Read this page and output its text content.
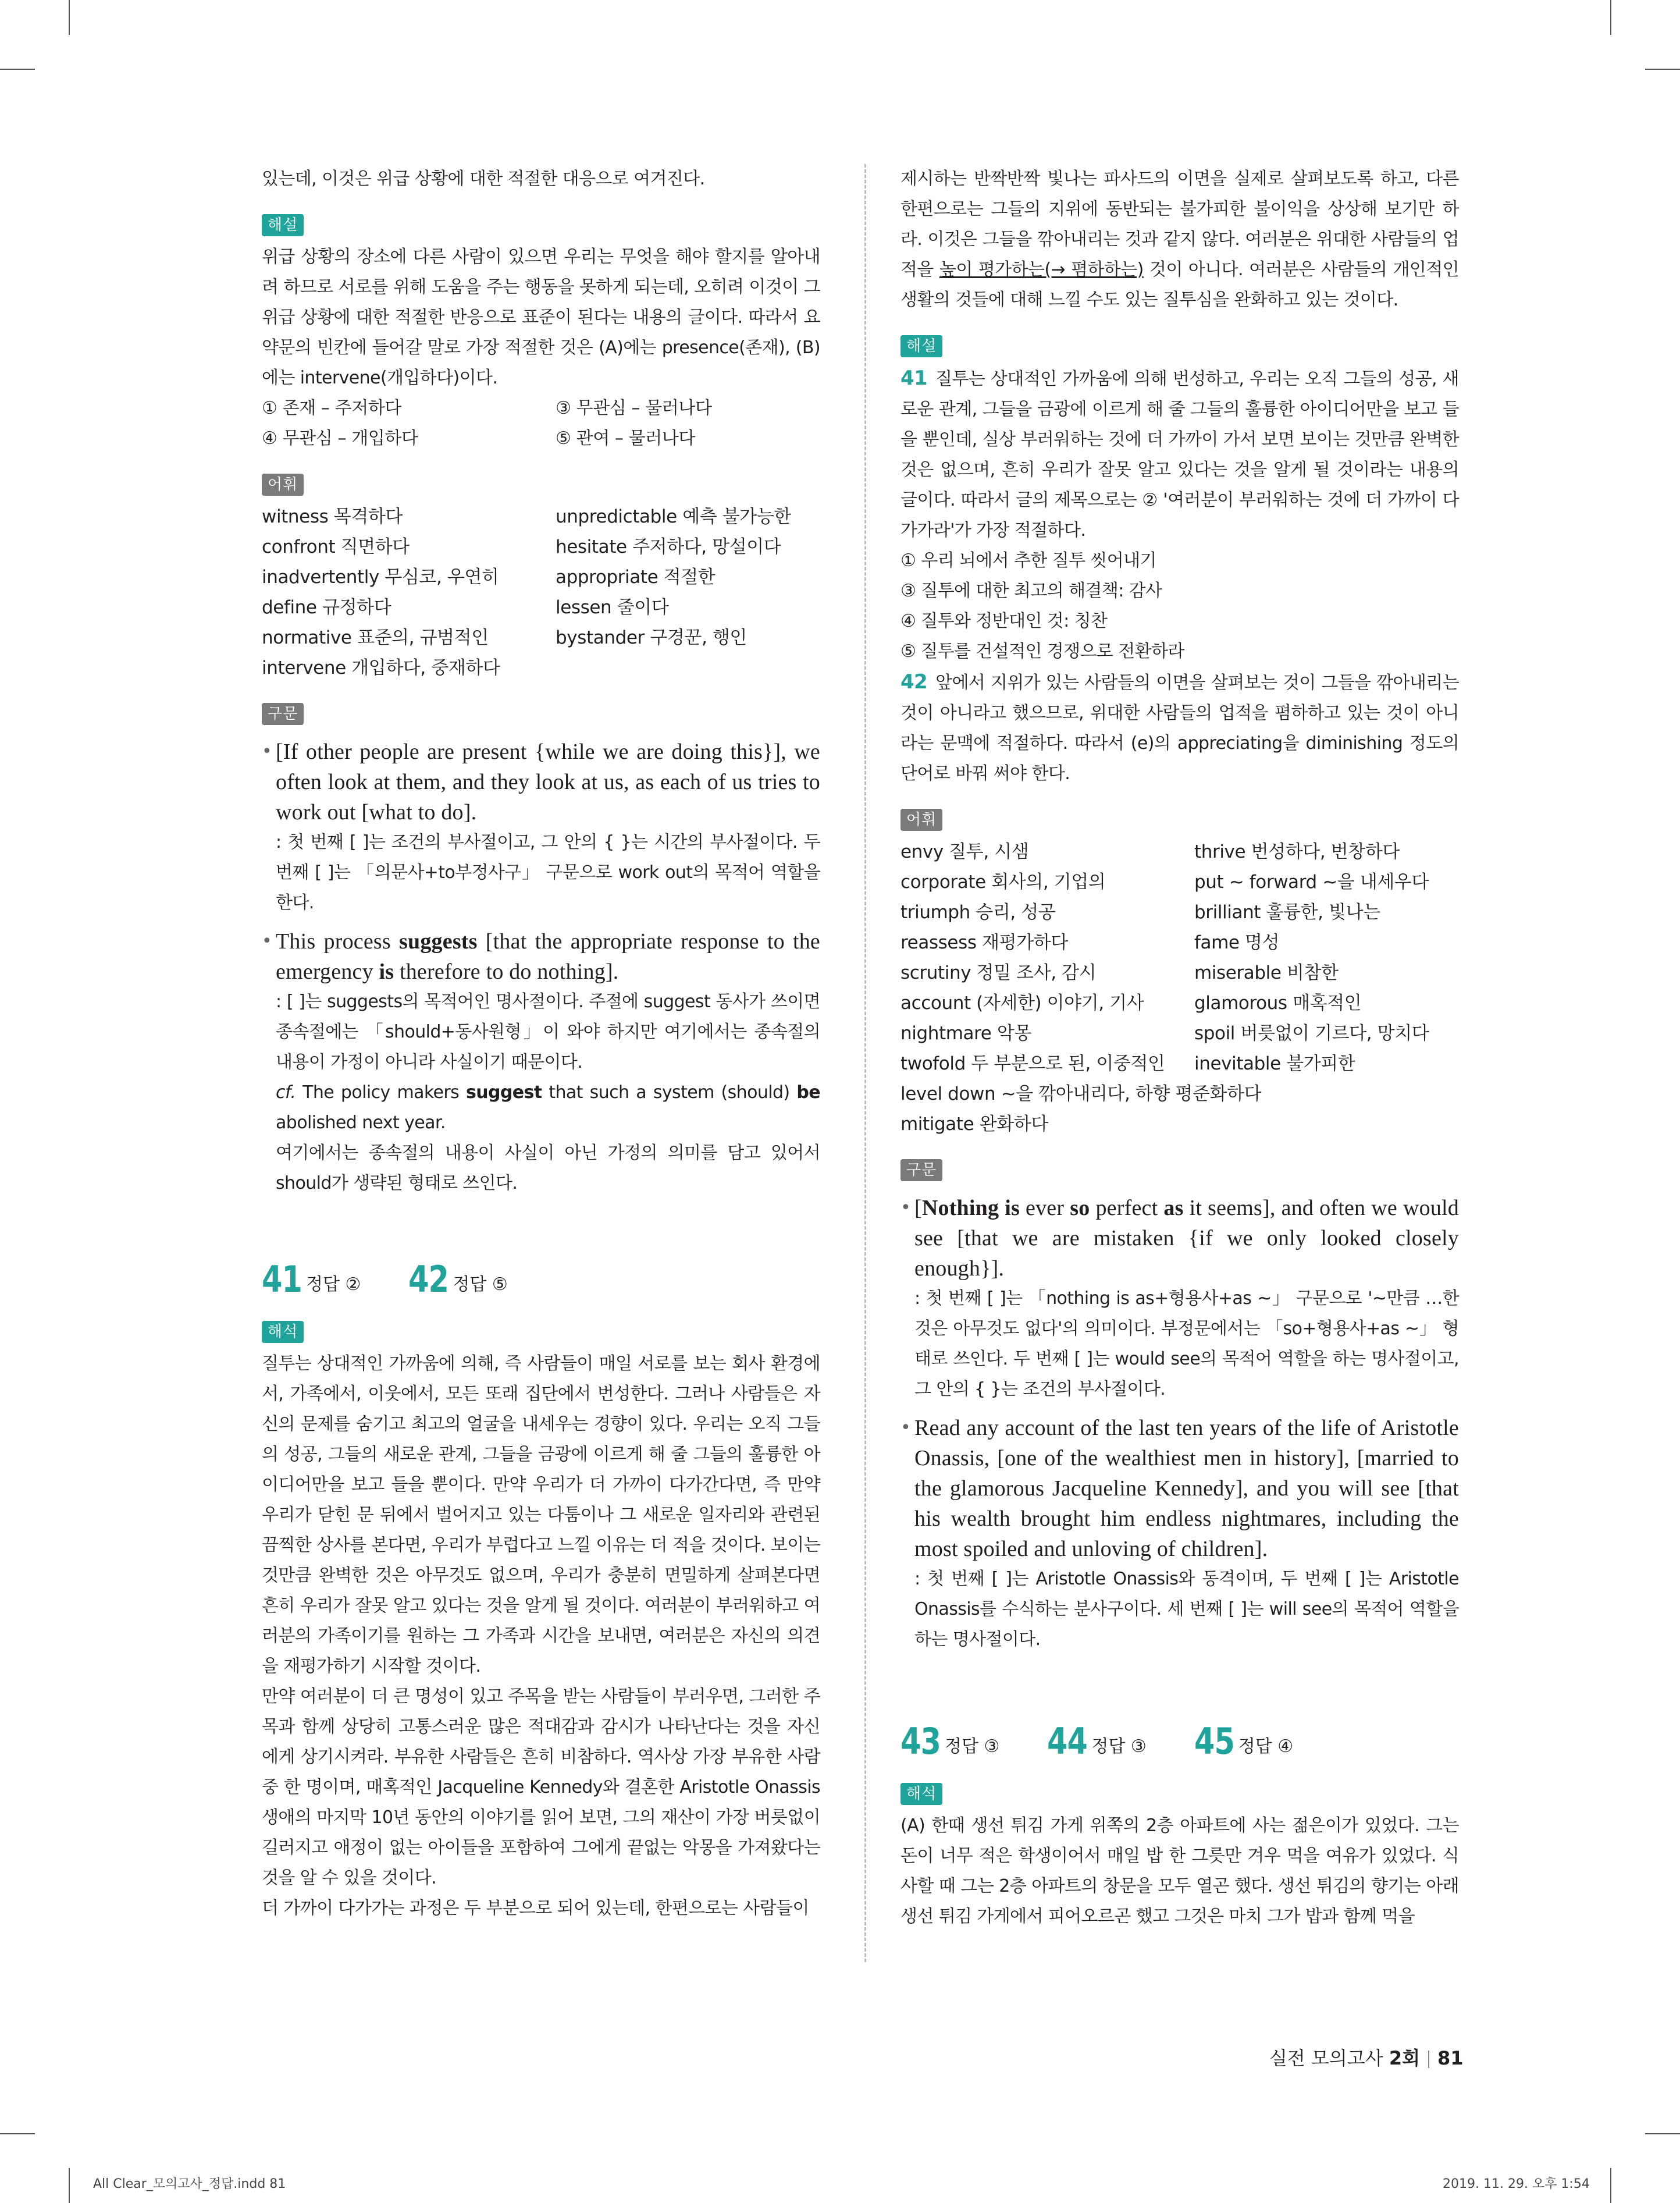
있는데, 이것은 위급 상황에 대한 적절한 대응으로 여겨진다.

해설

위급 상황의 장소에 다른 사람이 있으면 우리는 무엇을 해야 할지를 알아내려 하므로 서로를 위해 도움을 주는 행동을 못하게 되는데, 오히려 이것이 그 위급 상황에 대한 적절한 반응으로 표준이 된다는 내용의 글이다. 따라서 요약문의 빈칸에 들어갈 말로 가장 적절한 것은 (A)에는 presence(존재), (B)에는 intervene(개입하다)이다.

① 존재 – 주저하다	③ 무관심 – 물러나다
④ 무관심 – 개입하다	⑤ 관여 – 물러나다
어휘
witness 목격하다	unpredictable 예측 불가능한
confront 직면하다	hesitate 주저하다, 망설이다
inadvertently 무심코, 우연히	appropriate 적절한
define 규정하다	lessen 줄이다
normative 표준의, 규범적인	bystander 구경꾼, 행인
intervene 개입하다, 중재하다
구문
• [If other people are present {while we are doing this}], we often look at them, and they look at us, as each of us tries to work out [what to do].

: 첫 번째 [ ]는 조건의 부사절이고, 그 안의 { }는 시간의 부사절이다. 두 번째 [ ]는 「의문사+to부정사구」 구문으로 work out의 목적어 역할을 한다.

• This process suggests [that the appropriate response to the emergency is therefore to do nothing].

: [ ]는 suggests의 목적어인 명사절이다. 주절에 suggest 동사가 쓰이면 종속절에는 「should+동사원형」이 와야 하지만 여기에서는 종속절의 내용이 가정이 아니라 사실이기 때문이다.

cf. The policy makers suggest that such a system (should) be abolished next year.

여기에서는 종속절의 내용이 사실이 아닌 가정의 의미를 담고 있어서 should가 생략된 형태로 쓰인다.

41 정답 ② 42 정답 ⑤
해석

질투는 상대적인 가까움에 의해, 즉 사람들이 매일 서로를 보는 회사 환경에서, 가족에서, 이웃에서, 모든 또래 집단에서 번성한다. 그러나 사람들은 자신의 문제를 숨기고 최고의 얼굴을 내세우는 경향이 있다. 우리는 오직 그들의 성공, 그들의 새로운 관계, 그들을 금광에 이르게 해 줄 그들의 훌륭한 아이디어만을 보고 들을 뿐이다. 만약 우리가 더 가까이 다가간다면, 즉 만약 우리가 닫힌 문 뒤에서 벌어지고 있는 다툼이나 그 새로운 일자리와 관련된 끔찍한 상사를 본다면, 우리가 부럽다고 느낄 이유는 더 적을 것이다. 보이는 것만큼 완벽한 것은 아무것도 없으며, 우리가 충분히 면밀하게 살펴본다면 흔히 우리가 잘못 알고 있다는 것을 알게 될 것이다. 여러분이 부러워하고 여러분의 가족이기를 원하는 그 가족과 시간을 보내면, 여러분은 자신의 의견을 재평가하기 시작할 것이다.

만약 여러분이 더 큰 명성이 있고 주목을 받는 사람들이 부러우면, 그러한 주목과 함께 상당히 고통스러운 많은 적대감과 감시가 나타난다는 것을 자신에게 상기시켜라. 부유한 사람들은 흔히 비참하다. 역사상 가장 부유한 사람 중 한 명이며, 매혹적인 Jacqueline Kennedy와 결혼한 Aristotle Onassis 생애의 마지막 10년 동안의 이야기를 읽어 보면, 그의 재산이 가장 버릇없이 길러지고 애정이 없는 아이들을 포함하여 그에게 끝없는 악몽을 가져왔다는 것을 알 수 있을 것이다.

더 가까이 다가가는 과정은 두 부분으로 되어 있는데, 한편으로는 사람들이

제시하는 반짝반짝 빛나는 파사드의 이면을 실제로 살펴보도록 하고, 다른 한편으로는 그들의 지위에 동반되는 불가피한 불이익을 상상해 보기만 하라. 이것은 그들을 깎아내리는 것과 같지 않다. 여러분은 위대한 사람들의 업적을 높이 평가하는(→ 폄하하는) 것이 아니다. 여러분은 사람들의 개인적인 생활의 것들에 대해 느낄 수도 있는 질투심을 완화하고 있는 것이다.

해설

41 질투는 상대적인 가까움에 의해 번성하고, 우리는 오직 그들의 성공, 새로운 관계, 그들을 금광에 이르게 해 줄 그들의 훌륭한 아이디어만을 보고 들을 뿐인데, 실상 부러워하는 것에 더 가까이 가서 보면 보이는 것만큼 완벽한 것은 없으며, 흔히 우리가 잘못 알고 있다는 것을 알게 될 것이라는 내용의 글이다. 따라서 글의 제목으로는 ② '여러분이 부러워하는 것에 더 가까이 다가가라'가 가장 적절하다.

① 우리 뇌에서 추한 질투 씻어내기

③ 질투에 대한 최고의 해결책: 감사

④ 질투와 정반대인 것: 칭찬

⑤ 질투를 건설적인 경쟁으로 전환하라

42 앞에서 지위가 있는 사람들의 이면을 살펴보는 것이 그들을 깎아내리는 것이 아니라고 했으므로, 위대한 사람들의 업적을 폄하하고 있는 것이 아니라는 문맥에 적절하다. 따라서 (e)의 appreciating을 diminishing 정도의 단어로 바꿔 써야 한다.

어휘
envy 질투, 시샘	thrive 번성하다, 번창하다
corporate 회사의, 기업의	put ~ forward ~을 내세우다
triumph 승리, 성공	brilliant 훌륭한, 빛나는
reassess 재평가하다	fame 명성
scrutiny 정밀 조사, 감시	miserable 비참한
account (자세한) 이야기, 기사	glamorous 매혹적인
nightmare 악몽	spoil 버릇없이 기르다, 망치다
twofold 두 부분으로 된, 이중적인	inevitable 불가피한
level down ~을 깎아내리다, 하향 평준화하다
mitigate 완화하다
구문
• [Nothing is ever so perfect as it seems], and often we would see [that we are mistaken {if we only looked closely enough}].

: 첫 번째 [ ]는 「nothing is as+형용사+as ~」 구문으로 '~만큼 …한 것은 아무것도 없다'의 의미이다. 부정문에서는 「so+형용사+as ~」 형태로 쓰인다. 두 번째 [ ]는 would see의 목적어 역할을 하는 명사절이고, 그 안의 { }는 조건의 부사절이다.

• Read any account of the last ten years of the life of Aristotle Onassis, [one of the wealthiest men in history], [married to the glamorous Jacqueline Kennedy], and you will see [that his wealth brought him endless nightmares, including the most spoiled and unloving of children].

: 첫 번째 [ ]는 Aristotle Onassis와 동격이며, 두 번째 [ ]는 Aristotle Onassis를 수식하는 분사구이다. 세 번째 [ ]는 will see의 목적어 역할을 하는 명사절이다.

43 정답 ③ 44 정답 ③ 45 정답 ④
해석

(A) 한때 생선 튀김 가게 위쪽의 2층 아파트에 사는 젊은이가 있었다. 그는 돈이 너무 적은 학생이어서 매일 밥 한 그릇만 겨우 먹을 여유가 있었다. 식사할 때 그는 2층 아파트의 창문을 모두 열곤 했다. 생선 튀김의 향기는 아래 생선 튀김 가게에서 피어오르곤 했고 그것은 마치 그가 밥과 함께 먹을

실전 모의고사 2회 81
All Clear_모의고사_정답.indd 81	2019. 11. 29. 오후 1:54
